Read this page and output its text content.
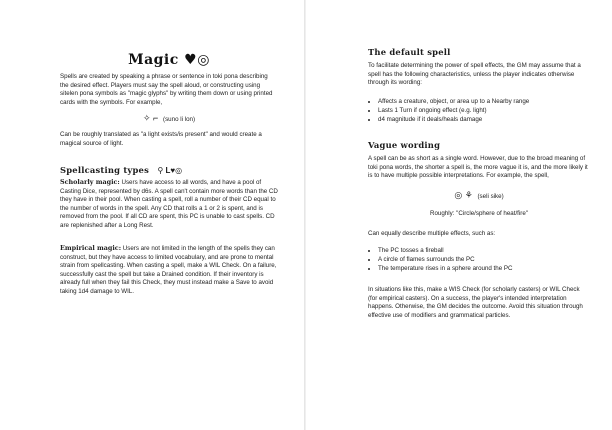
Magic ♥◎

Spells are created by speaking a phrase or sentence in toki pona describing the desired effect. Players must say the spell aloud, or constructing using sitelen pona symbols as "magic glyphs" by writing them down or using printed cards with the symbols. For example,

✧ ⌐ (suno li lon)

Can be roughly translated as "a light exists/is present" and would create a magical source of light.

Spellcasting types ⚲ L♥◎

Scholarly magic: Users have access to all words, and have a pool of Casting Dice, represented by d6s. A spell can't contain more words than the CD they have in their pool. When casting a spell, roll a number of their CD equal to the number of words in the spell. Any CD that rolls a 1 or 2 is spent, and is removed from the pool. If all CD are spent, this PC is unable to cast spells. CD are replenished after a Long Rest.

Empirical magic: Users are not limited in the length of the spells they can construct, but they have access to limited vocabulary, and are prone to mental strain from spellcasting. When casting a spell, make a WIL Check. On a failure, successfully cast the spell but take a Drained condition. If their inventory is already full when they fail this Check, they must instead make a Save to avoid taking 1d4 damage to WIL.

The default spell

To facilitate determining the power of spell effects, the GM may assume that a spell has the following characteristics, unless the player indicates otherwise through its wording:

• Affects a creature, object, or area up to a Nearby range
• Lasts 1 Turn if ongoing effect (e.g. light)
• d4 magnitude if it deals/heals damage
Vague wording

A spell can be as short as a single word. However, due to the broad meaning of toki pona words, the shorter a spell is, the more vague it is, and the more likely it is to have multiple possible interpretations. For example, the spell,

◎ ⚘ (seli sike)

Roughly: "Circle/sphere of heat/fire"

Can equally describe multiple effects, such as:

• The PC tosses a fireball
• A circle of flames surrounds the PC
• The temperature rises in a sphere around the PC

In situations like this, make a WIS Check (for scholarly casters) or WIL Check (for empirical casters). On a success, the player's intended interpretation happens. Otherwise, the GM decides the outcome. Avoid this situation through effective use of modifiers and grammatical particles.
